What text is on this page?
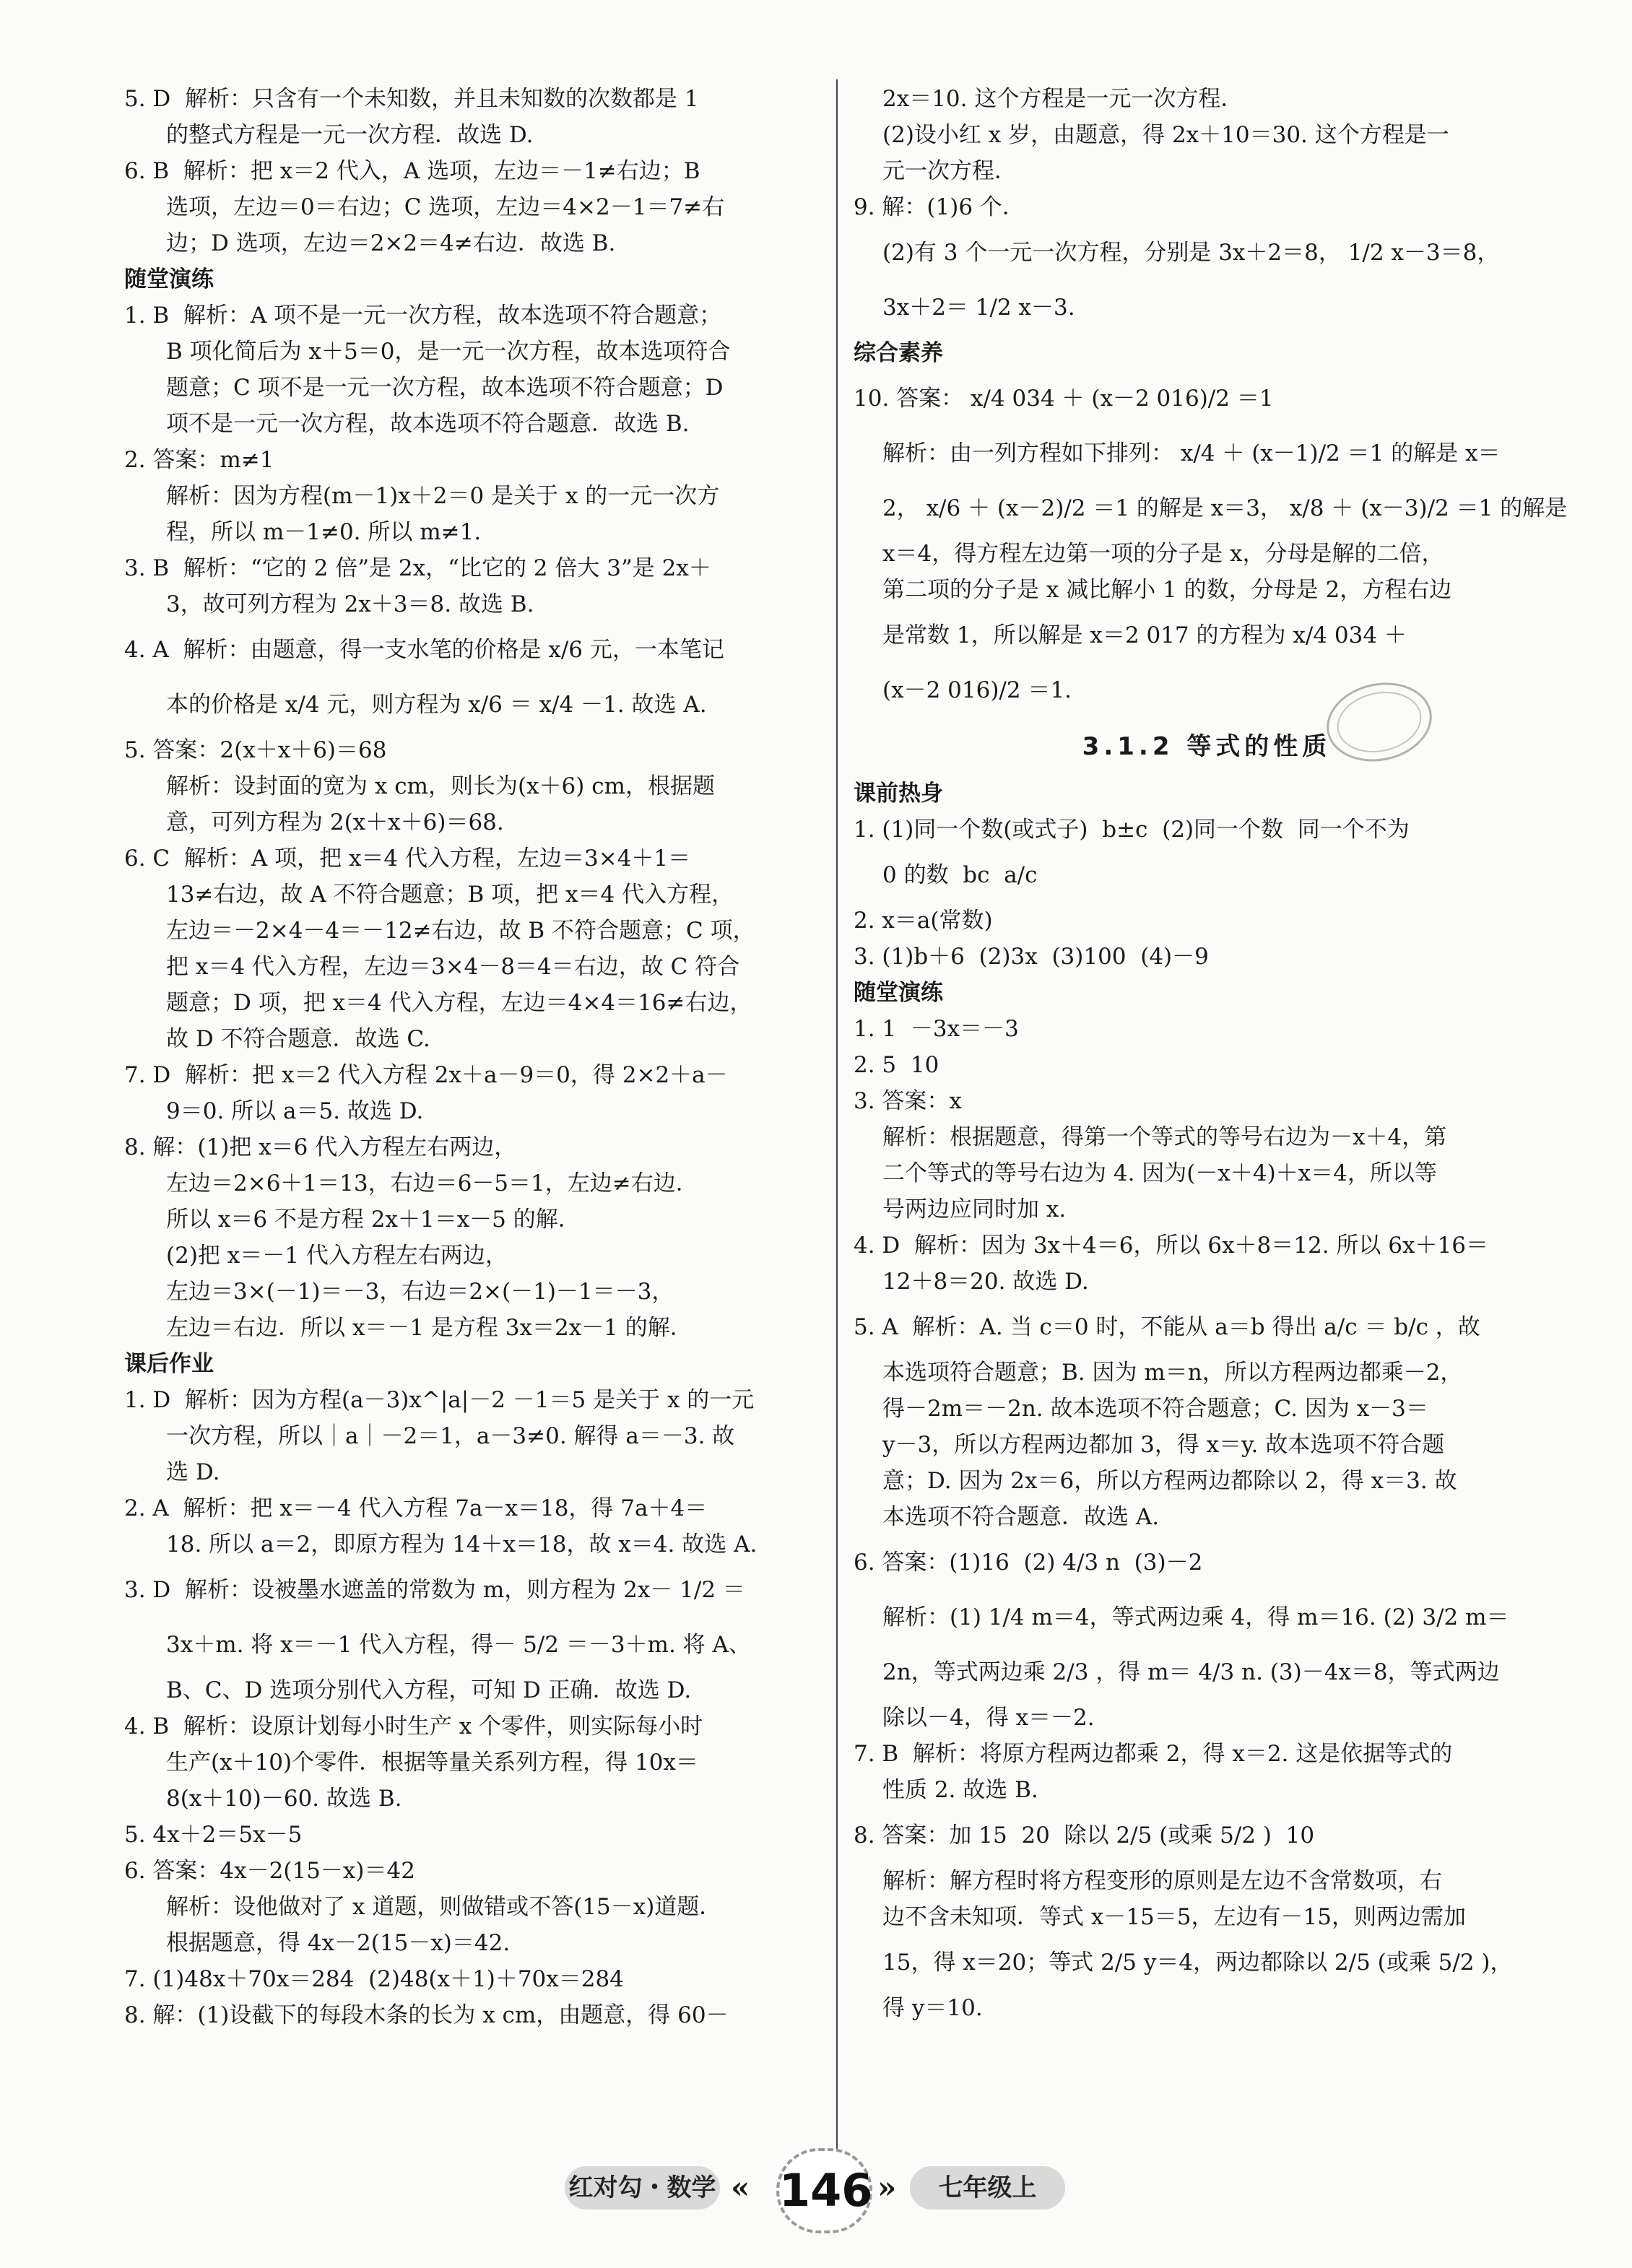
5. D  解析：只含有一个未知数，并且未知数的次数都是 1
的整式方程是一元一次方程．故选 D.
6. B  解析：把 x＝2 代入，A 选项，左边＝－1≠右边；B
选项，左边＝0＝右边；C 选项，左边＝4×2－1＝7≠右
边；D 选项，左边＝2×2＝4≠右边．故选 B.
随堂演练
1. B  解析：A 项不是一元一次方程，故本选项不符合题意；
B 项化简后为 x＋5＝0，是一元一次方程，故本选项符合
题意；C 项不是一元一次方程，故本选项不符合题意；D
项不是一元一次方程，故本选项不符合题意．故选 B.
2. 答案：m≠1
解析：因为方程(m－1)x＋2＝0 是关于 x 的一元一次方
程，所以 m－1≠0. 所以 m≠1.
3. B  解析：“它的 2 倍”是 2x，“比它的 2 倍大 3”是 2x＋
3，故可列方程为 2x＋3＝8. 故选 B.
4. A  解析：由题意，得一支水笔的价格是 x/6 元，一本笔记
本的价格是 x/4 元，则方程为 x/6 ＝ x/4 －1. 故选 A.
5. 答案：2(x＋x＋6)＝68
解析：设封面的宽为 x cm，则长为(x＋6) cm，根据题
意，可列方程为 2(x＋x＋6)＝68.
6. C  解析：A 项，把 x＝4 代入方程，左边＝3×4＋1＝
13≠右边，故 A 不符合题意；B 项，把 x＝4 代入方程，
左边＝－2×4－4＝－12≠右边，故 B 不符合题意；C 项，
把 x＝4 代入方程，左边＝3×4－8＝4＝右边，故 C 符合
题意；D 项，把 x＝4 代入方程，左边＝4×4＝16≠右边，
故 D 不符合题意．故选 C.
7. D  解析：把 x＝2 代入方程 2x＋a－9＝0，得 2×2＋a－
9＝0. 所以 a＝5. 故选 D.
8. 解：(1)把 x＝6 代入方程左右两边，
左边＝2×6＋1＝13，右边＝6－5＝1，左边≠右边．
所以 x＝6 不是方程 2x＋1＝x－5 的解．
(2)把 x＝－1 代入方程左右两边，
左边＝3×(－1)＝－3，右边＝2×(－1)－1＝－3，
左边＝右边．所以 x＝－1 是方程 3x＝2x－1 的解．
课后作业
1. D  解析：因为方程(a－3)x^|a|－2 －1＝5 是关于 x 的一元
一次方程，所以｜a｜－2＝1，a－3≠0. 解得 a＝－3. 故
选 D.
2. A  解析：把 x＝－4 代入方程 7a－x＝18，得 7a＋4＝
18. 所以 a＝2，即原方程为 14＋x＝18，故 x＝4. 故选 A.
3. D  解析：设被墨水遮盖的常数为 m，则方程为 2x－ 1/2 ＝
3x＋m. 将 x＝－1 代入方程，得－ 5/2 ＝－3＋m. 将 A、
B、C、D 选项分别代入方程，可知 D 正确．故选 D.
4. B  解析：设原计划每小时生产 x 个零件，则实际每小时
生产(x＋10)个零件．根据等量关系列方程，得 10x＝
8(x＋10)－60. 故选 B.
5. 4x＋2＝5x－5
6. 答案：4x－2(15－x)＝42
解析：设他做对了 x 道题，则做错或不答(15－x)道题．
根据题意，得 4x－2(15－x)＝42.
7. (1)48x＋70x＝284  (2)48(x＋1)＋70x＝284
8. 解：(1)设截下的每段木条的长为 x cm，由题意，得 60－
2x＝10. 这个方程是一元一次方程．
(2)设小红 x 岁，由题意，得 2x＋10＝30. 这个方程是一
元一次方程．
9. 解：(1)6 个．
(2)有 3 个一元一次方程，分别是 3x＋2＝8， 1/2 x－3＝8，
3x＋2＝ 1/2 x－3.
综合素养
10. 答案： x/4 034 ＋ (x－2 016)/2 ＝1
解析：由一列方程如下排列： x/4 ＋ (x－1)/2 ＝1 的解是 x＝
2， x/6 ＋ (x－2)/2 ＝1 的解是 x＝3， x/8 ＋ (x－3)/2 ＝1 的解是
x＝4，得方程左边第一项的分子是 x，分母是解的二倍，
第二项的分子是 x 减比解小 1 的数，分母是 2，方程右边
是常数 1，所以解是 x＝2 017 的方程为 x/4 034 ＋
(x－2 016)/2 ＝1.
3.1.2 等式的性质
课前热身
1. (1)同一个数(或式子)  b±c  (2)同一个数  同一个不为
0 的数  bc  a/c
2. x＝a(常数)
3. (1)b＋6  (2)3x  (3)100  (4)－9
随堂演练
1. 1  －3x＝－3
2. 5  10
3. 答案：x
解析：根据题意，得第一个等式的等号右边为－x＋4，第
二个等式的等号右边为 4. 因为(－x＋4)＋x＝4，所以等
号两边应同时加 x.
4. D  解析：因为 3x＋4＝6，所以 6x＋8＝12. 所以 6x＋16＝
12＋8＝20. 故选 D.
5. A  解析：A. 当 c＝0 时，不能从 a＝b 得出 a/c ＝ b/c ，故
本选项符合题意；B. 因为 m＝n，所以方程两边都乘－2，
得－2m＝－2n. 故本选项不符合题意；C. 因为 x－3＝
y－3，所以方程两边都加 3，得 x＝y. 故本选项不符合题
意；D. 因为 2x＝6，所以方程两边都除以 2，得 x＝3. 故
本选项不符合题意．故选 A.
6. 答案：(1)16  (2) 4/3 n  (3)－2
解析：(1) 1/4 m＝4，等式两边乘 4，得 m＝16. (2) 3/2 m＝
2n，等式两边乘 2/3 ，得 m＝ 4/3 n. (3)－4x＝8，等式两边
除以－4，得 x＝－2.
7. B  解析：将原方程两边都乘 2，得 x＝2. 这是依据等式的
性质 2. 故选 B.
8. 答案：加 15  20  除以 2/5 (或乘 5/2 )  10
解析：解方程时将方程变形的原则是左边不含常数项，右
边不含未知项．等式 x－15＝5，左边有－15，则两边需加
15，得 x＝20；等式 2/5 y＝4，两边都除以 2/5 (或乘 5/2 )，
得 y＝10.
红对勾・数学 « 146 »	七年级上
